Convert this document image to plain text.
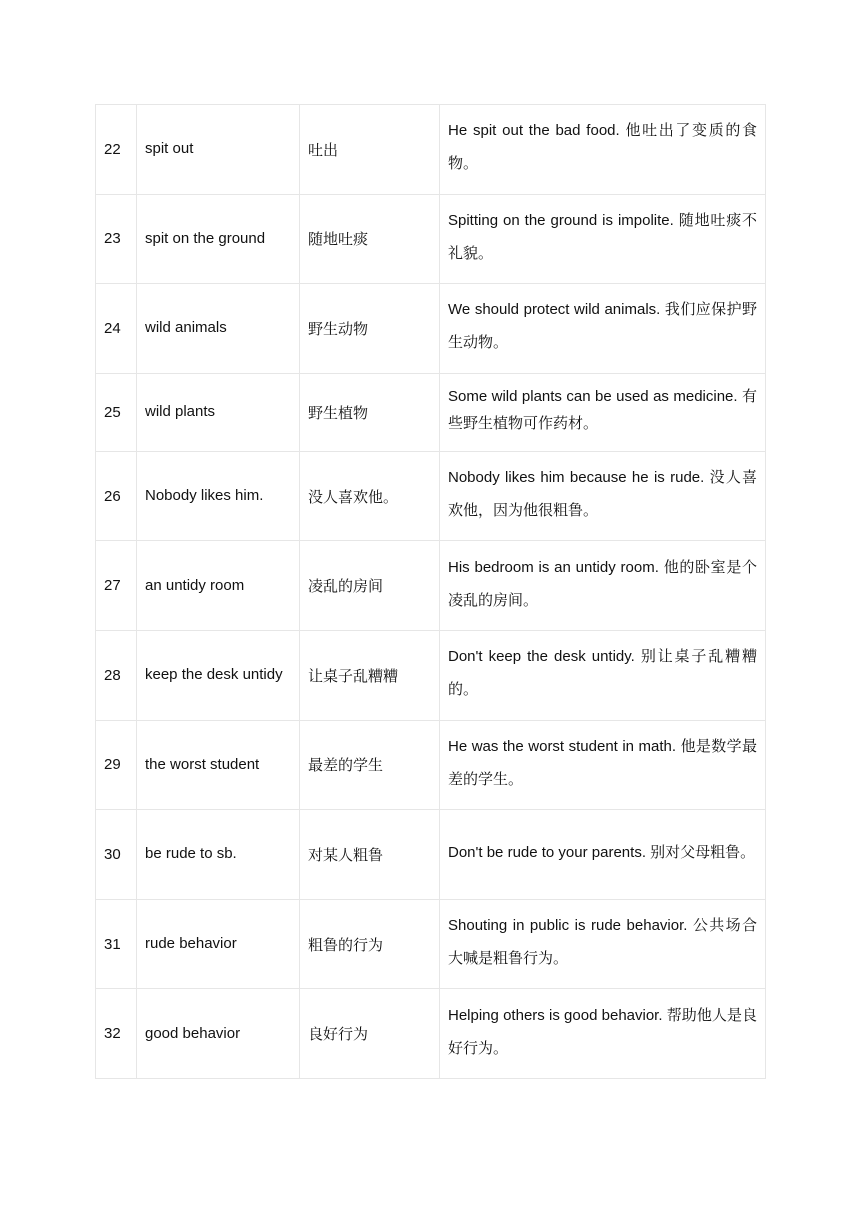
22	spit out	吐出	He spit out the bad food. 他吐出了变质的食物。
23	spit on the ground	随地吐痰	Spitting on the ground is impolite. 随地吐痰不礼貌。
24	wild animals	野生动物	We should protect wild animals. 我们应保护野生动物。
25	wild plants	野生植物	Some wild plants can be used as medicine. 有些野生植物可作药材。
26	Nobody likes him.	没人喜欢他。	Nobody likes him because he is rude. 没人喜欢他，因为他很粗鲁。
27	an untidy room	凌乱的房间	His bedroom is an untidy room. 他的卧室是个凌乱的房间。
28	keep the desk untidy	让桌子乱糟糟	Don't keep the desk untidy. 别让桌子乱糟糟的。
29	the worst student	最差的学生	He was the worst student in math. 他是数学最差的学生。
30	be rude to sb.	对某人粗鲁	Don't be rude to your parents. 别对父母粗鲁。
31	rude behavior	粗鲁的行为	Shouting in public is rude behavior. 公共场合大喊是粗鲁行为。
32	good behavior	良好行为	Helping others is good behavior. 帮助他人是良好行为。
